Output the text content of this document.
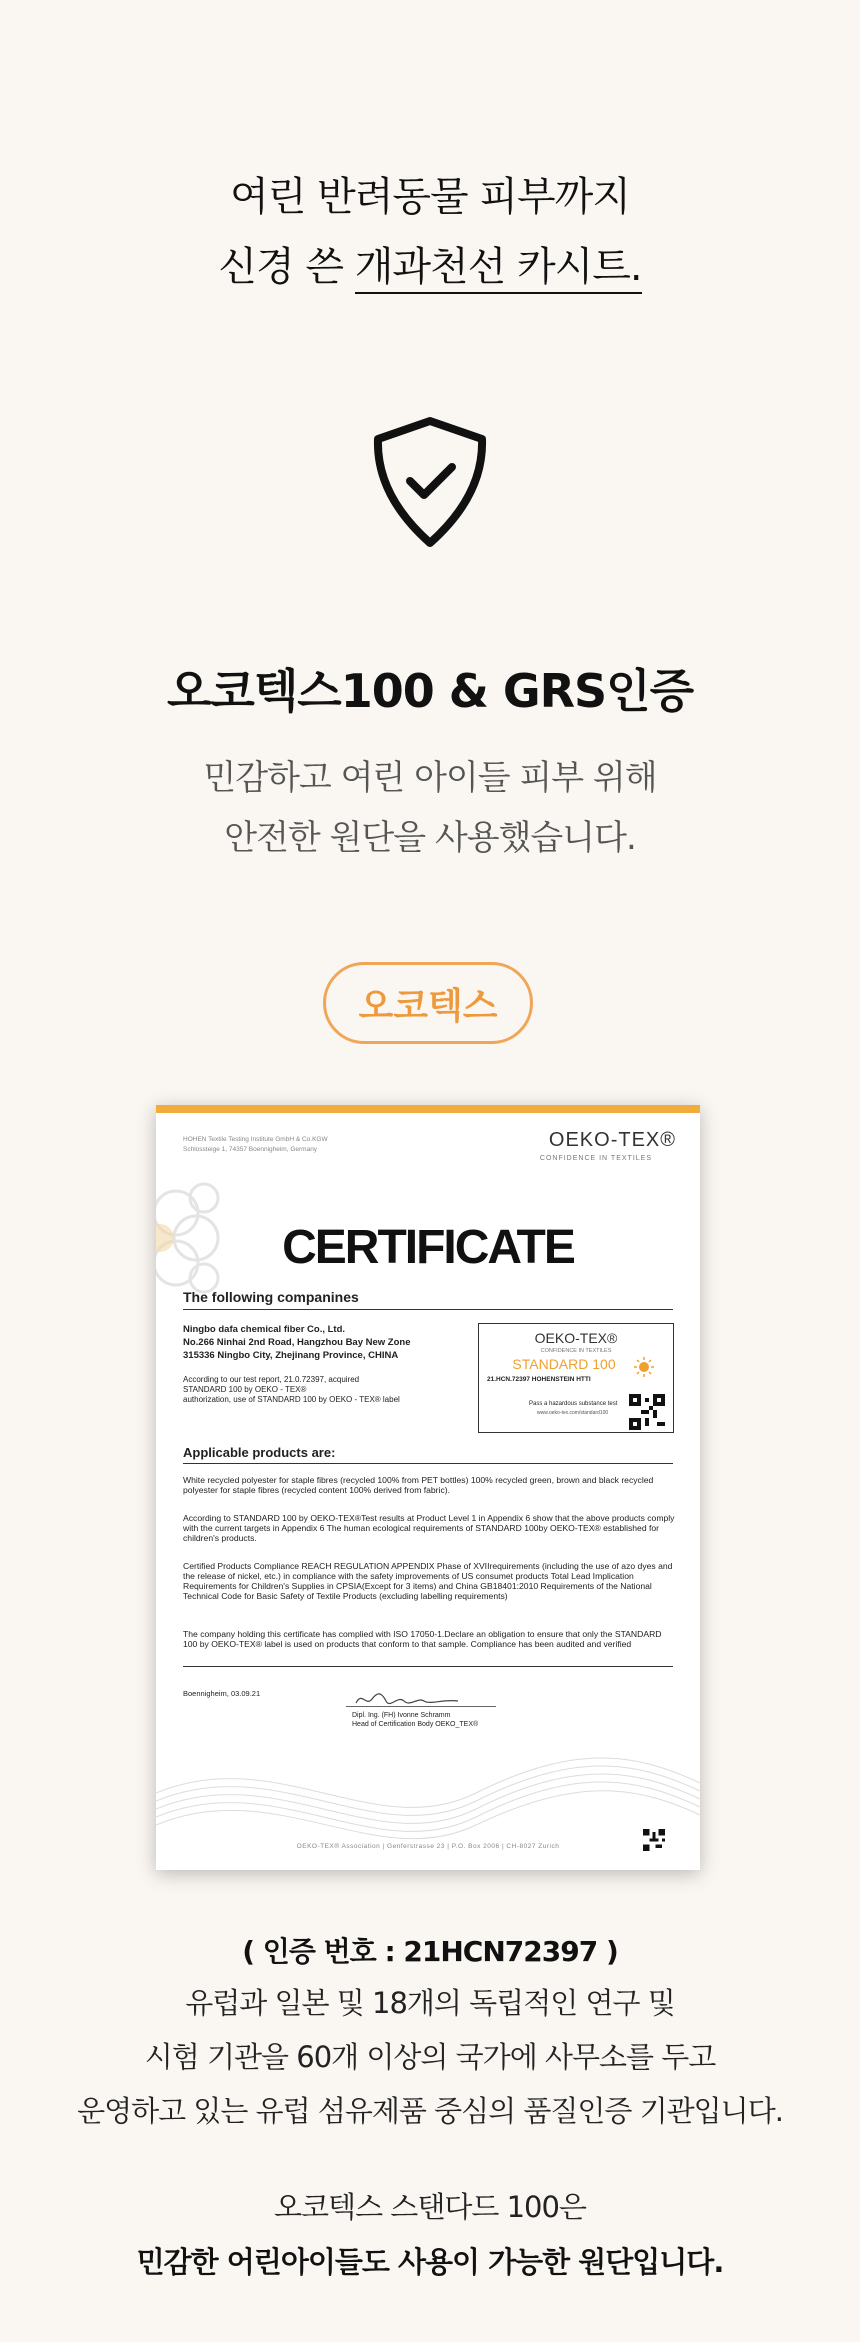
여린 반려동물 피부까지
신경 쓴 개과천선 카시트.
오코텍스100 & GRS인증
민감하고 여린 아이들 피부 위해
안전한 원단을 사용했습니다.
오코텍스
HOHEN Textile Testing Institute GmbH & Co.KGW
Schlossteige 1, 74357 Boennigheim, Germany	OEKO-TEX®
CONFIDENCE IN TEXTILES
CERTIFICATE
The following companines
Ningbo dafa chemical fiber Co., Ltd.
No.266 Ninhai 2nd Road, Hangzhou Bay New Zone
315336 Ningbo City, Zhejinang Province, CHINA
According to our test report, 21.0.72397, acquired
STANDARD 100 by OEKO - TEX®
authorization, use of STANDARD 100 by OEKO - TEX® label
OEKO-TEX®
CONFIDENCE IN TEXTILES
STANDARD 100
21.HCN.72397 HOHENSTEIN HTTI
Pass a hazardous substance test
www.oeko-tex.com/standard100
Applicable products are:
White recycled polyester for staple fibres (recycled 100% from PET bottles) 100% recycled green, brown and black recycled polyester for staple fibres (recycled content 100% derived from fabric).
According to STANDARD 100 by OEKO-TEX®Test results at Product Level 1 in Appendix 6 show that the above products comply with the current targets in Appendix 6 The human ecological requirements of STANDARD 100by OEKO-TEX® established for children's products.
Certified Products Compliance REACH REGULATION APPENDIX Phase of XVIIrequirements (including the use of azo dyes and the release of nickel, etc.) in compliance with the safety improvements of US consumet products Total Lead Implication Requirements for Children's Supplies in CPSIA(Except for 3 items) and China GB18401:2010 Requirements of the National Technical Code for Basic Safety of Textile Products (excluding labelling requirements)
The company holding this certificate has complied with ISO 17050-1.Declare an obligation to ensure that only the STANDARD 100 by OEKO-TEX® label is used on products that conform to that sample. Compliance has been audited and verified
Boennigheim, 03.09.21
Dipl. Ing. (FH) Ivonne Schramm
Head of Certification Body OEKO_TEX®
OEKO-TEX® Association | Genferstrasse 23 | P.O. Box 2006 | CH-8027 Zurich
( 인증 번호 : 21HCN72397 )
유럽과 일본 및 18개의 독립적인 연구 및
시험 기관을 60개 이상의 국가에 사무소를 두고
운영하고 있는 유럽 섬유제품 중심의 품질인증 기관입니다.
오코텍스 스탠다드 100은
민감한 어린아이들도 사용이 가능한 원단입니다.
